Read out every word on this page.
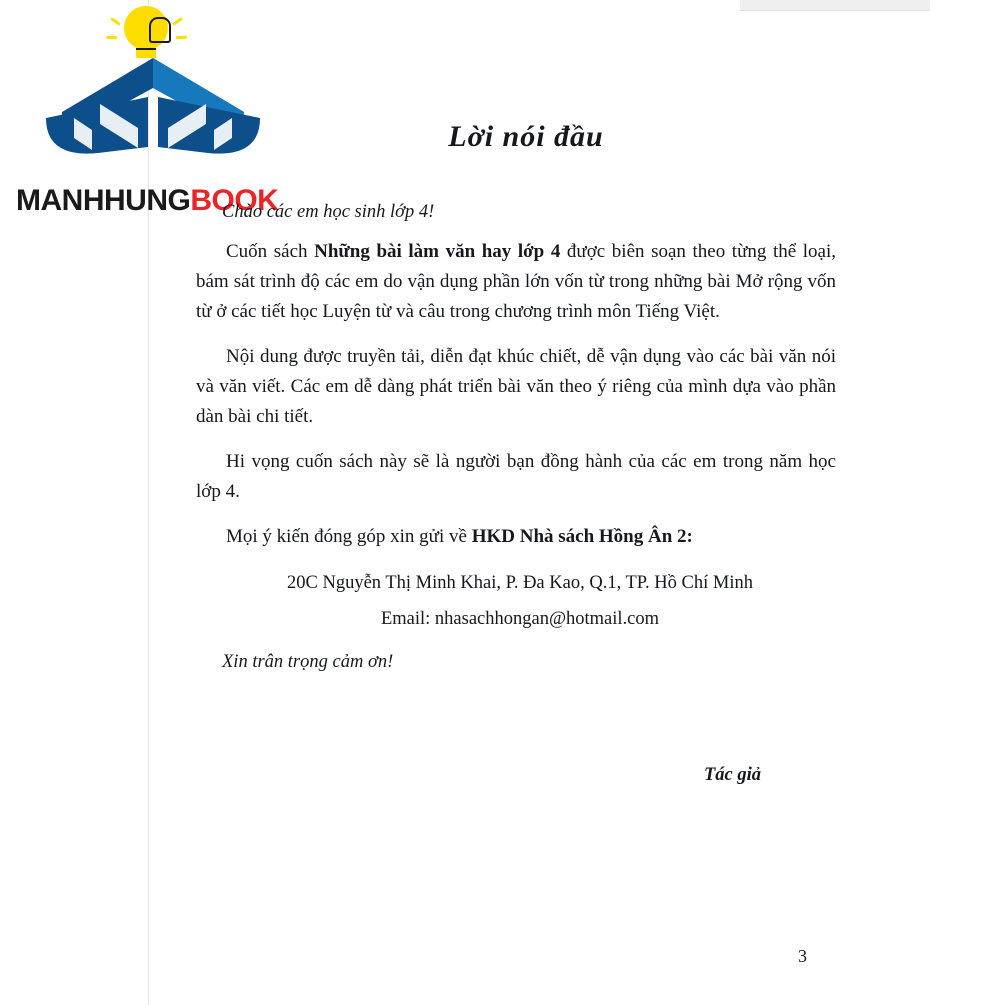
MANHHUNG BOOK
Lời nói đầu
Chào các em học sinh lớp 4!

Cuốn sách Những bài làm văn hay lớp 4 được biên soạn theo từng thể loại, bám sát trình độ các em do vận dụng phần lớn vốn từ trong những bài Mở rộng vốn từ ở các tiết học Luyện từ và câu trong chương trình môn Tiếng Việt.

Nội dung được truyền tải, diễn đạt khúc chiết, dễ vận dụng vào các bài văn nói và văn viết. Các em dễ dàng phát triển bài văn theo ý riêng của mình dựa vào phần dàn bài chi tiết.

Hi vọng cuốn sách này sẽ là người bạn đồng hành của các em trong năm học lớp 4.

Mọi ý kiến đóng góp xin gửi về HKD Nhà sách Hồng Ân 2:

20C Nguyễn Thị Minh Khai, P. Đa Kao, Q.1, TP. Hồ Chí Minh
Email: nhasachhongan@hotmail.com
Xin trân trọng cảm ơn!
Tác giả
3
